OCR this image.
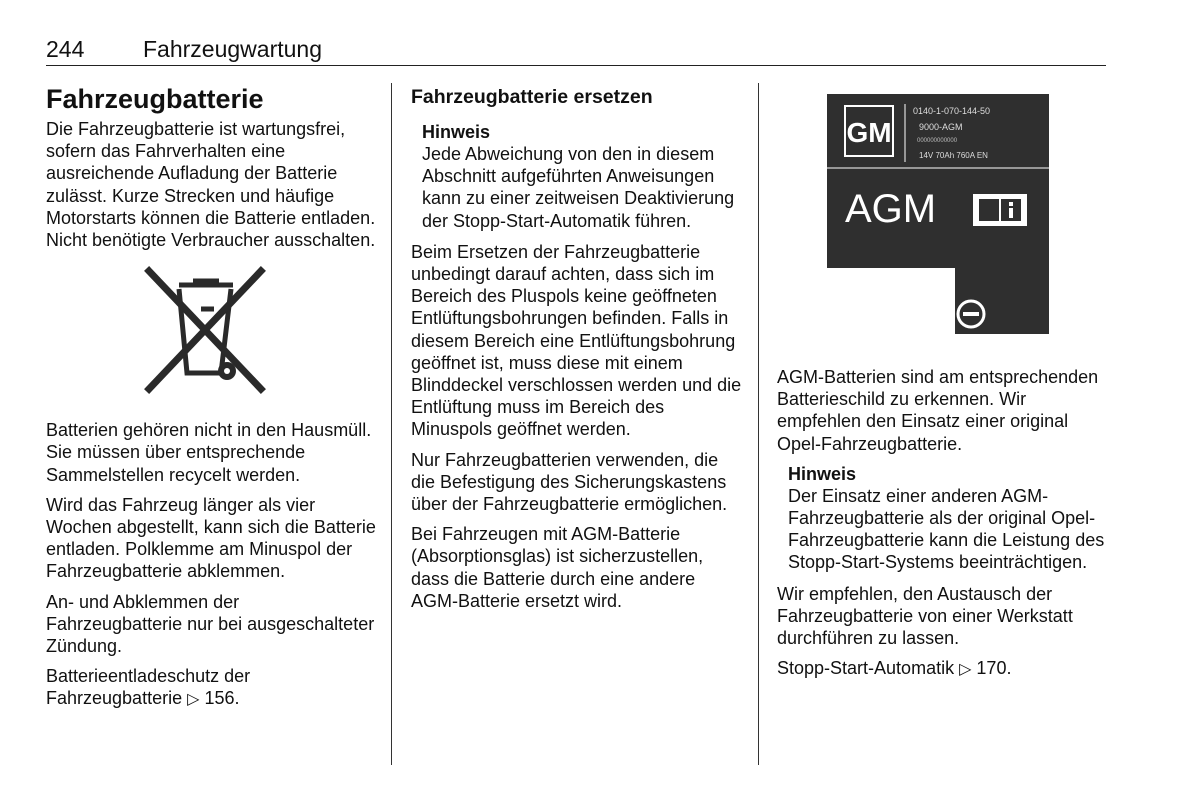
244	Fahrzeugwartung
Fahrzeugbatterie

Die Fahrzeugbatterie ist wartungsfrei, sofern das Fahrverhalten eine ausreichende Aufladung der Batterie zulässt. Kurze Strecken und häufige Motorstarts können die Batterie entladen. Nicht benötigte Verbraucher ausschalten.

Batterien gehören nicht in den Hausmüll. Sie müssen über entsprechende Sammelstellen recycelt werden.

Wird das Fahrzeug länger als vier Wochen abgestellt, kann sich die Batterie entladen. Polklemme am Minuspol der Fahrzeugbatterie abklemmen.

An- und Abklemmen der Fahrzeugbatterie nur bei ausgeschalteter Zündung.

Batterieentladeschutz der Fahrzeugbatterie ▷ 156.

Fahrzeugbatterie ersetzen
Hinweis
Jede Abweichung von den in diesem Abschnitt aufgeführten Anweisungen kann zu einer zeitweisen Deaktivierung der Stopp-Start-Automatik führen.

Beim Ersetzen der Fahrzeugbatterie unbedingt darauf achten, dass sich im Bereich des Pluspols keine geöffneten Entlüftungsbohrungen befinden. Falls in diesem Bereich eine Entlüftungsbohrung geöffnet ist, muss diese mit einem Blinddeckel verschlossen werden und die Entlüftung muss im Bereich des Minuspols geöffnet werden.

Nur Fahrzeugbatterien verwenden, die die Befestigung des Sicherungskastens über der Fahrzeugbatterie ermöglichen.

Bei Fahrzeugen mit AGM-Batterie (Absorptionsglas) ist sicherzustellen, dass die Batterie durch eine andere AGM-Batterie ersetzt wird.

GM
0140-1-070-144-50
9000-AGM
000000000000
14V 70Ah 760A EN
AGM

AGM-Batterien sind am entsprechenden Batterieschild zu erkennen. Wir empfehlen den Einsatz einer original Opel-Fahrzeugbatterie.

Hinweis
Der Einsatz einer anderen AGM-Fahrzeugbatterie als der original Opel-Fahrzeugbatterie kann die Leistung des Stopp-Start-Systems beeinträchtigen.

Wir empfehlen, den Austausch der Fahrzeugbatterie von einer Werkstatt durchführen zu lassen.

Stopp-Start-Automatik ▷ 170.
